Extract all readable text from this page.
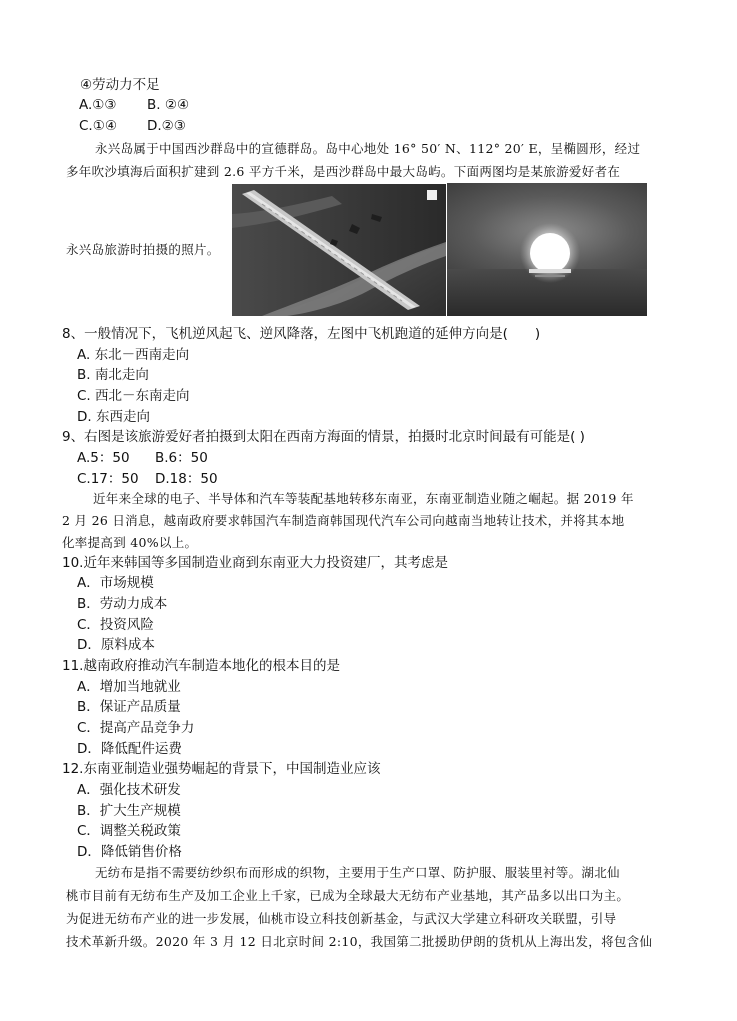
④劳动力不足
A.①③ B. ②④
C.①④ D.②③

永兴岛属于中国西沙群岛中的宣德群岛。岛中心地处 16° 50′ N、112° 20′ E，呈椭圆形，经过

多年吹沙填海后面积扩建到 2.6 平方千米，是西沙群岛中最大岛屿。下面两图均是某旅游爱好者在

永兴岛旅游时拍摄的照片。

8、一般情况下，飞机逆风起飞、逆风降落，左图中飞机跑道的延伸方向是(　　)
A. 东北－西南走向
B. 南北走向
C. 西北－东南走向
D. 东西走向
9、右图是该旅游爱好者拍摄到太阳在西南方海面的情景，拍摄时北京时间最有可能是( )
A.5：50 B.6：50
C.17：50 D.18：50

近年来全球的电子、半导体和汽车等装配基地转移东南亚，东南亚制造业随之崛起。据 2019 年

2 月 26 日消息，越南政府要求韩国汽车制造商韩国现代汽车公司向越南当地转让技术，并将其本地

化率提高到 40%以上。

10.近年来韩国等多国制造业商到东南亚大力投资建厂，其考虑是
A．市场规模
B．劳动力成本
C．投资风险
D．原料成本
11.越南政府推动汽车制造本地化的根本目的是
A．增加当地就业
B．保证产品质量
C．提高产品竞争力
D．降低配件运费
12.东南亚制造业强势崛起的背景下，中国制造业应该
A．强化技术研发
B．扩大生产规模
C．调整关税政策
D．降低销售价格

无纺布是指不需要纺纱织布而形成的织物，主要用于生产口罩、防护服、服装里衬等。湖北仙

桃市目前有无纺布生产及加工企业上千家，已成为全球最大无纺布产业基地，其产品多以出口为主。

为促进无纺布产业的进一步发展，仙桃市设立科技创新基金，与武汉大学建立科研攻关联盟，引导

技术革新升级。2020 年 3 月 12 日北京时间 2:10，我国第二批援助伊朗的货机从上海出发，将包含仙
